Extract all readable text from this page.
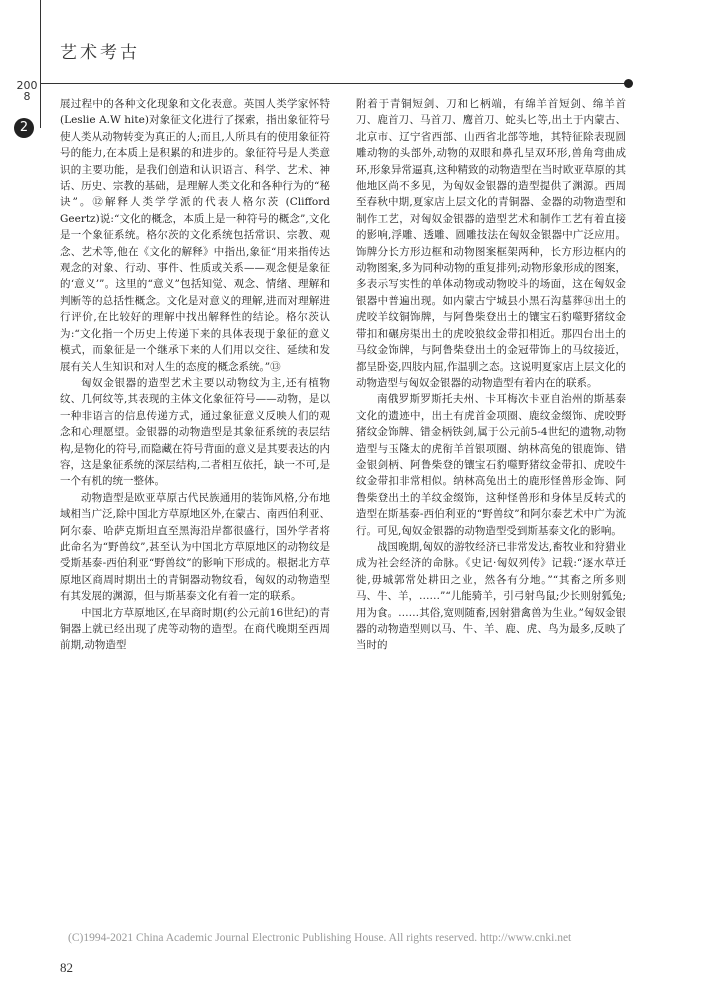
艺术考古
2008
2

展过程中的各种文化现象和文化表意。英国人类学家怀特(Leslie A.W hite)对象征文化进行了探索，指出象征符号使人类从动物转变为真正的人;而且,人所具有的使用象征符号的能力,在本质上是积累的和进步的。象征符号是人类意识的主要功能，是我们创造和认识语言、科学、艺术、神话、历史、宗教的基础，是理解人类文化和各种行为的“秘诀”。⑫解释人类学学派的代表人格尔茨 (Clifford Geertz)说:“文化的概念，本质上是一种符号的概念”,文化是一个象征系统。格尔茨的文化系统包括常识、宗教、观念、艺术等,他在《文化的解释》中指出,象征“用来指传达观念的对象、行动、事件、性质或关系——观念便是象征的‘意义’”。这里的“意义”包括知觉、观念、情绪、理解和判断等的总括性概念。文化是对意义的理解,进而对理解进行评价,在比较好的理解中找出解释性的结论。格尔茨认为:“文化指一个历史上传递下来的具体表现于象征的意义模式，而象征是一个继承下来的人们用以交往、延续和发展有关人生知识和对人生的态度的概念系统。”⑬

匈奴金银器的造型艺术主要以动物纹为主,还有植物纹、几何纹等,其表现的主体文化象征符号——动物，是以一种非语言的信息传递方式，通过象征意义反映人们的观念和心理愿望。金银器的动物造型是其象征系统的表层结构,是物化的符号,而隐藏在符号背面的意义是其要表达的内容，这是象征系统的深层结构,二者相互依托，缺一不可,是一个有机的统一整体。

动物造型是欧亚草原古代民族通用的装饰风格,分布地域相当广泛,除中国北方草原地区外,在蒙古、南西伯利亚、阿尔泰、哈萨克斯坦直至黑海沿岸都很盛行，国外学者将此命名为“野兽纹”,甚至认为中国北方草原地区的动物纹是受斯基泰-西伯利亚“野兽纹”的影响下形成的。根据北方草原地区商周时期出土的青铜器动物纹看，匈奴的动物造型有其发展的渊源，但与斯基泰文化有着一定的联系。

中国北方草原地区,在早商时期(约公元前16世纪)的青铜器上就已经出现了虎等动物的造型。在商代晚期至西周前期,动物造型

附着于青铜短剑、刀和匕柄端，有绵羊首短剑、绵羊首刀、鹿首刀、马首刀、鹰首刀、蛇头匕等,出土于内蒙古、北京市、辽宁省西部、山西省北部等地，其特征除表现圆雕动物的头部外,动物的双眼和鼻孔呈双环形,兽角弯曲成环,形象异常逼真,这种精致的动物造型在当时欧亚草原的其他地区尚不多见，为匈奴金银器的造型提供了渊源。西周至春秋中期,夏家店上层文化的青铜器、金器的动物造型和制作工艺，对匈奴金银器的造型艺术和制作工艺有着直接的影响,浮雕、透雕、圆雕技法在匈奴金银器中广泛应用。饰牌分长方形边框和动物图案框架两种，长方形边框内的动物图案,多为同种动物的重复排列;动物形象形成的图案，多表示写实性的单体动物或动物咬斗的场面，这在匈奴金银器中普遍出现。如内蒙古宁城县小黑石沟墓葬⑭出土的虎咬羊纹铜饰牌，与阿鲁柴登出土的镶宝石豹噬野猪纹金带扣和碾房渠出土的虎咬狼纹金带扣相近。那四台出土的马纹金饰牌，与阿鲁柴登出土的金冠带饰上的马纹接近，都呈卧姿,四肢内屈,作温驯之态。这说明夏家店上层文化的动物造型与匈奴金银器的动物造型有着内在的联系。

南俄罗斯罗斯托夫州、卡耳梅次卡亚自治州的斯基泰文化的遗迹中，出土有虎首金项圈、鹿纹金缀饰、虎咬野猪纹金饰牌、错金柄铁剑,属于公元前5-4世纪的遗物,动物造型与玉隆太的虎衔羊首银项圈、纳林高兔的银鹿饰、错金银剑柄、阿鲁柴登的镶宝石豹噬野猪纹金带扣、虎咬牛纹金带扣非常相似。纳林高兔出土的鹿形怪兽形金饰、阿鲁柴登出土的羊纹金缀饰，这种怪兽形和身体呈反转式的造型在斯基泰-西伯利亚的“野兽纹”和阿尔泰艺术中广为流行。可见,匈奴金银器的动物造型受到斯基泰文化的影响。

战国晚期,匈奴的游牧经济已非常发达,畜牧业和狩猎业成为社会经济的命脉。《史记·匈奴列传》记载:“逐水草迁徙,毋城郭常处耕田之业，然各有分地。”“其畜之所多则马、牛、羊，……”“儿能骑羊，引弓射鸟鼠;少长则射狐兔;用为食。……其俗,宽则随畜,因射猎禽兽为生业。”匈奴金银器的动物造型则以马、牛、羊、鹿、虎、鸟为最多,反映了当时的

(C)1994-2021 China Academic Journal Electronic Publishing House. All rights reserved. http://www.cnki.net
82
